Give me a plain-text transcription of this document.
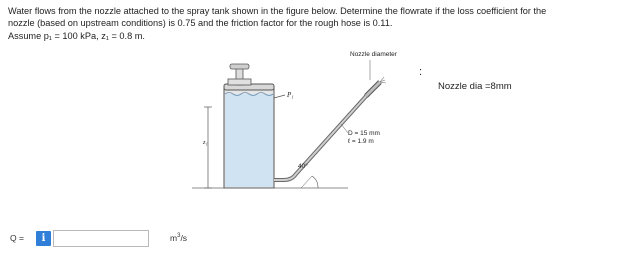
Water flows from the nozzle attached to the spray tank shown in the figure below. Determine the flowrate if the loss coefficient for the

nozzle (based on upstream conditions) is 0.75 and the friction factor for the rough hose is 0.11.

Assume p₁ = 100 kPa, z₁ = 0.8 m.

P₁
z₁
Nozzle diameter
D = 15 mm
ℓ = 1.9 m
40°
:
Nozzle dia =8mm
Q =	i	$m^3/s$
